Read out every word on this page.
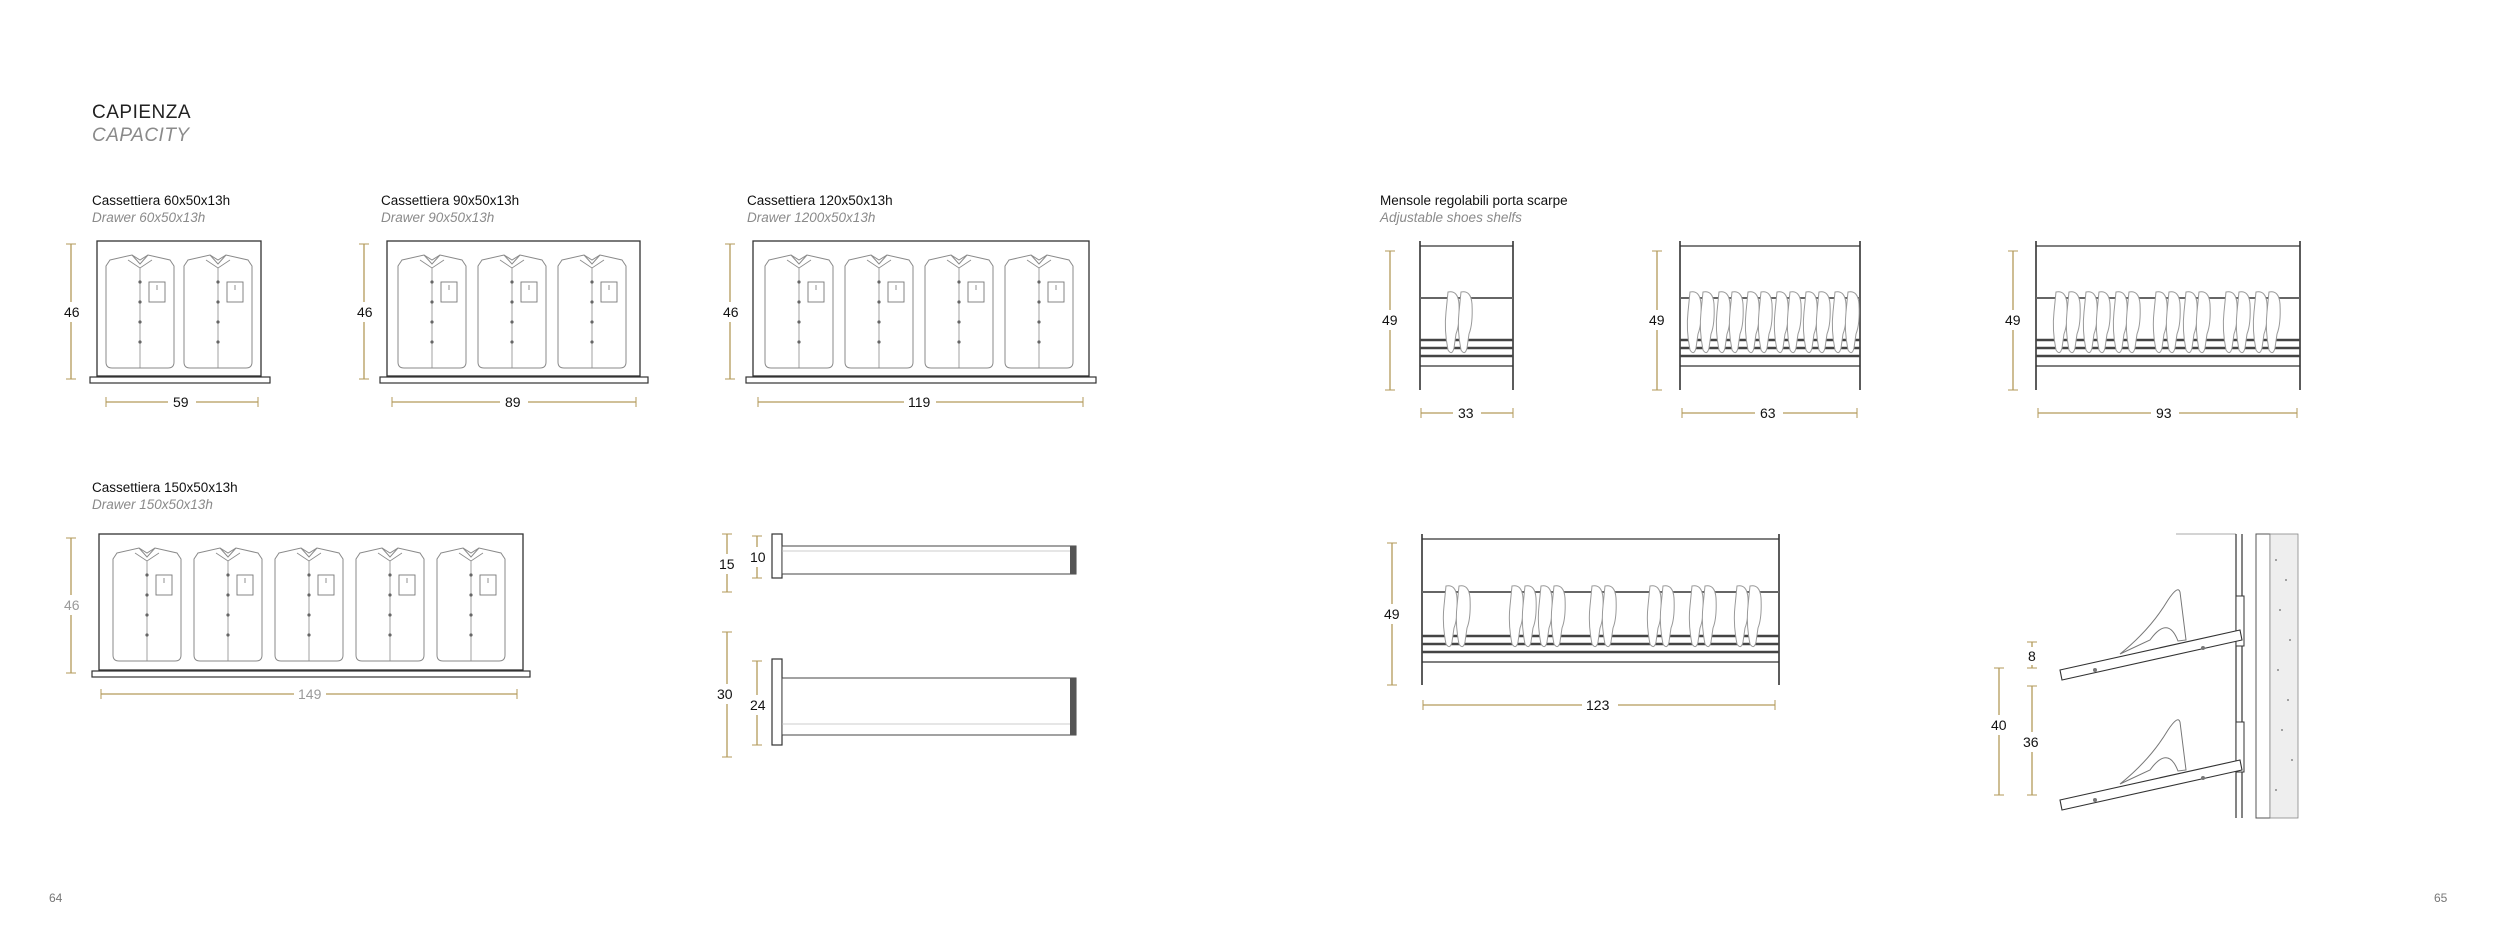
CAPIENZA
CAPACITY
Cassettiera 60x50x13h
Drawer 60x50x13h
Cassettiera 90x50x13h
Drawer 90x50x13h
Cassettiera 120x50x13h
Drawer 1200x50x13h
Cassettiera 150x50x13h
Drawer 150x50x13h
Mensole regolabili porta scarpe
Adjustable shoes shelfs
64	65
46
59
46
89
46
119
46
149
15 10
30
24
49
33
49
63
49
93
49
123
40
8
36
